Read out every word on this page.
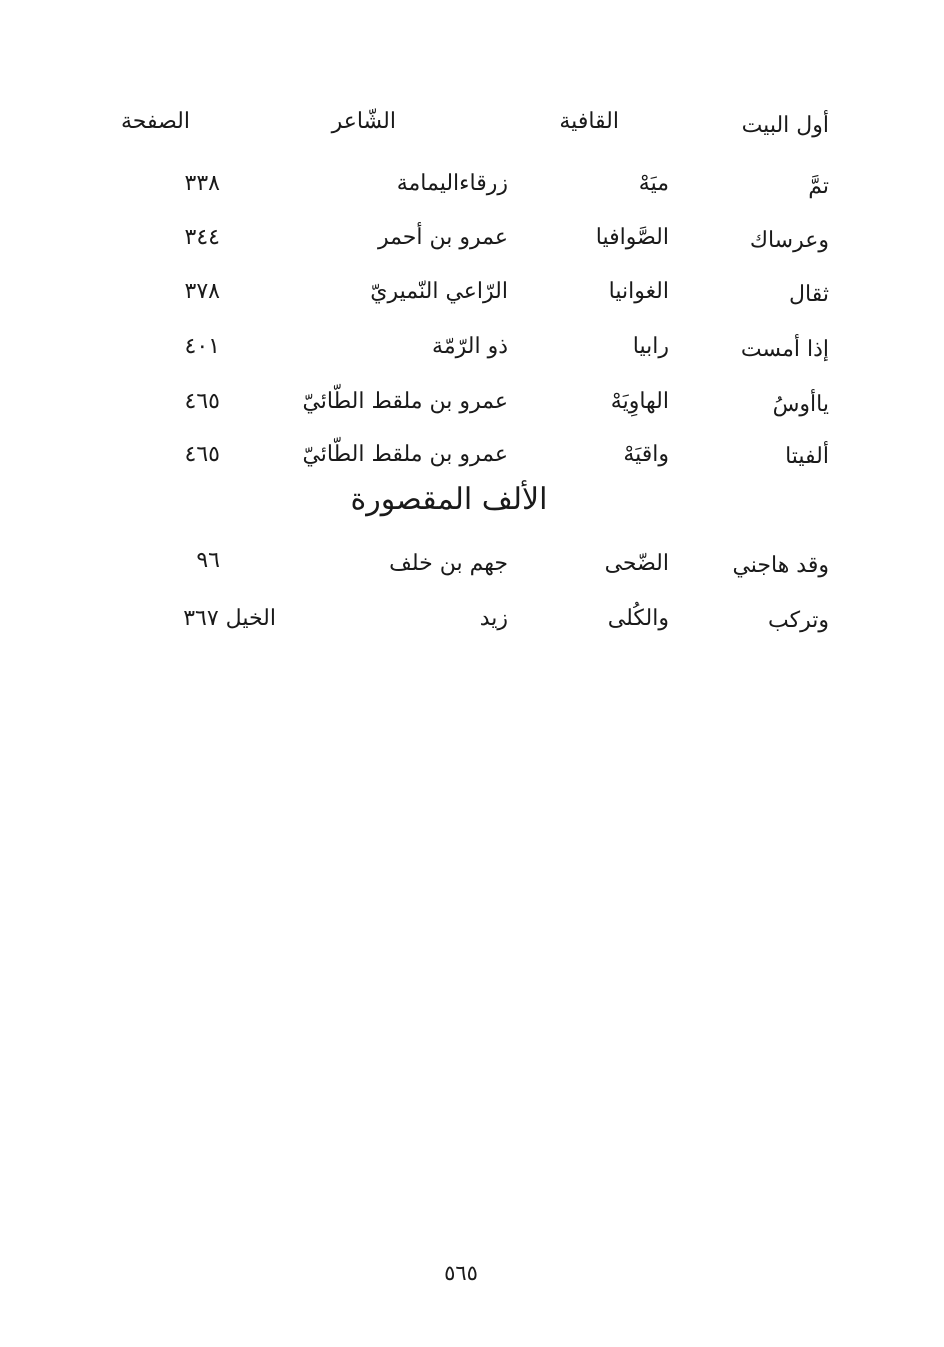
أول البيت
القافية
الشّاعر
الصفحة
تمَّ
ميَهْ
زرقاءاليمامة
٣٣٨
وعرساك
الصَّوافيا
عمرو بن أحمر
٣٤٤
ثقال
الغوانيا
الرّاعي النّميريّ
٣٧٨
إذا أمست
رابيا
ذو الرّمّة
٤٠١
ياأوسُ
الهاوِيَهْ
عمرو بن ملقط الطّائيّ
٤٦٥
ألفيتا
واقيَهْ
عمرو بن ملقط الطّائيّ
٤٦٥
الألف المقصورة
وقد هاجني
الضّحى
جهم بن خلف
٩٦
وتركب
والكُلى
زيد
الخيل ٣٦٧
٥٦٥
